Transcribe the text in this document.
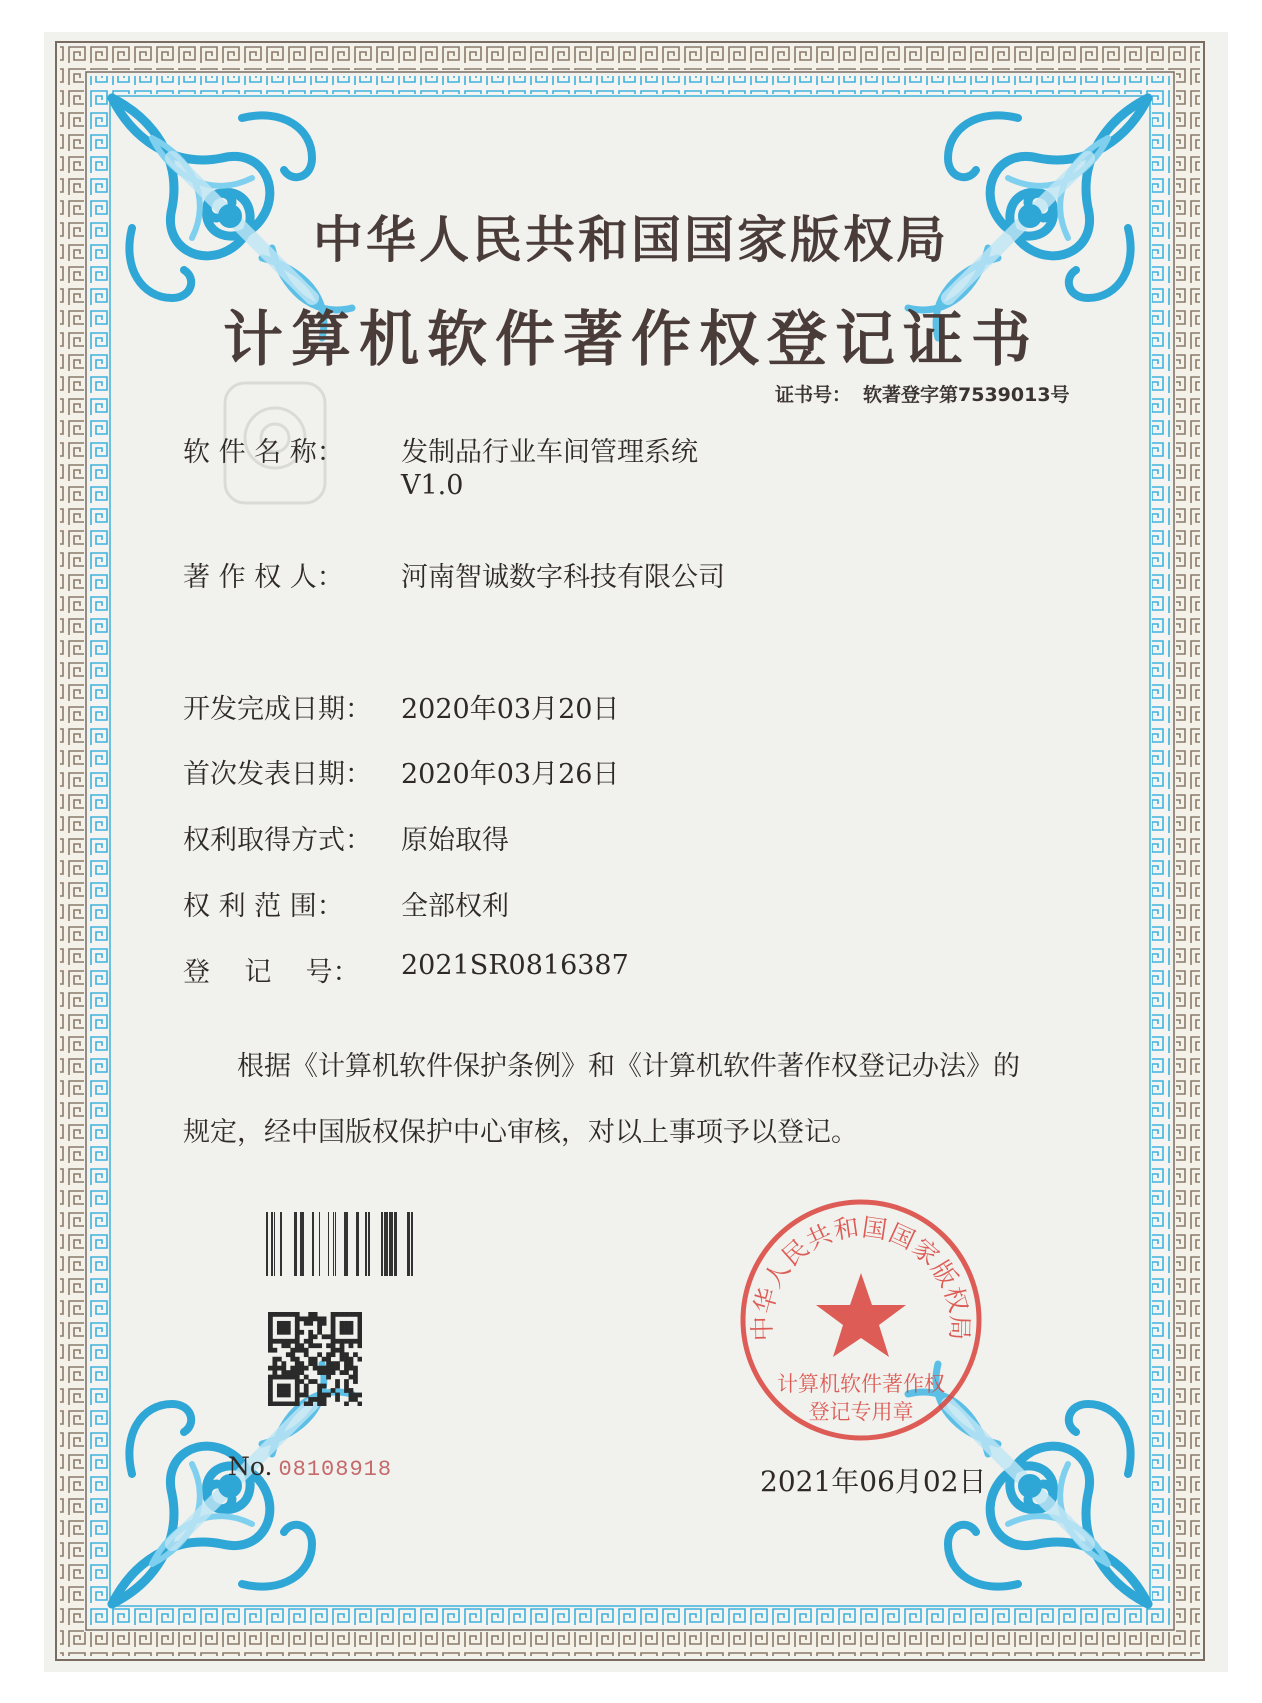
中华人民共和国国家版权局
计算机软件著作权登记证书
证书号： 软著登字第7539013号
软 件 名 称： 发制品行业车间管理系统
V1.0
著 作 权 人： 河南智诚数字科技有限公司
开发完成日期： 2020年03月20日
首次发表日期： 2020年03月26日
权利取得方式： 原始取得
权 利 范 围： 全部权利
登    记    号： 2021SR0816387
根据《计算机软件保护条例》和《计算机软件著作权登记办法》的
规定，经中国版权保护中心审核，对以上事项予以登记。
No. 08108918
中华人民共和国国家版权局
计算机软件著作权
登记专用章
2021年06月02日
